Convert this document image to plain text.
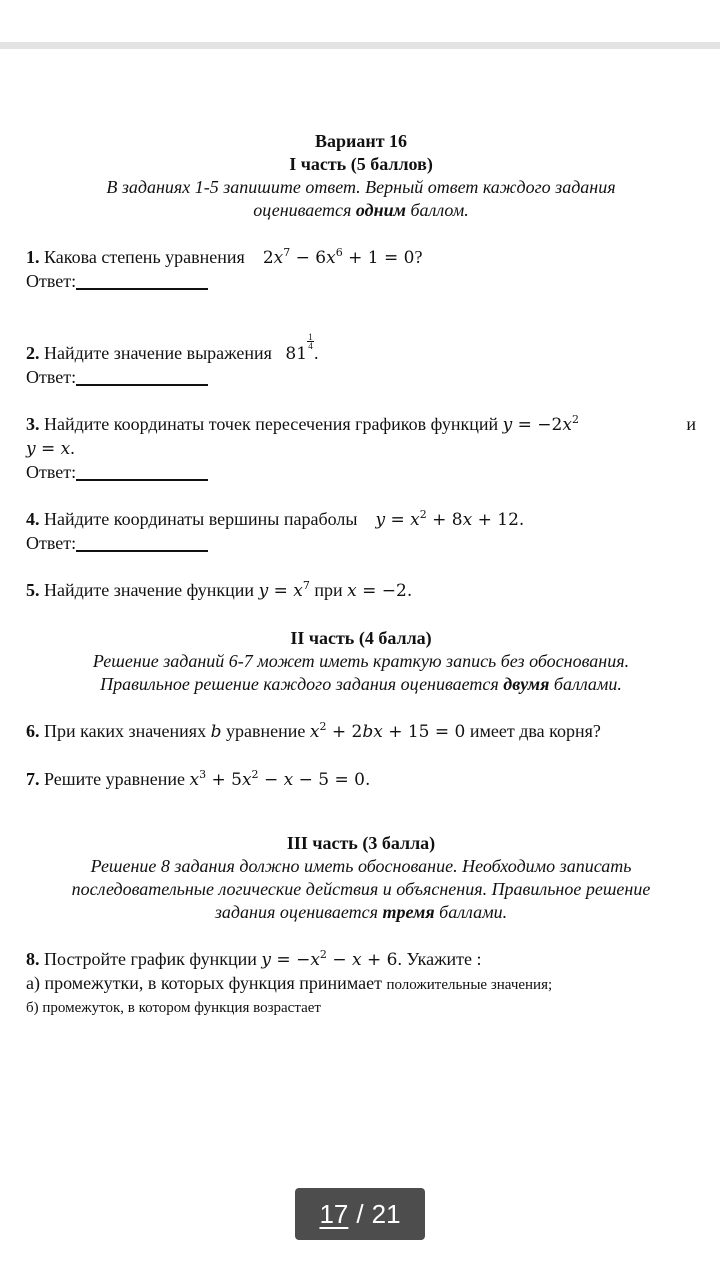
Вариант 16
I часть (5 баллов)
В заданиях 1-5 запишите ответ. Верный ответ каждого задания
оценивается одним баллом.
1. Какова степень уравнения $2x^7 - 6x^6 + 1 = 0$?
Ответ:
2. Найдите значение выражения 81
$\frac{1}{4}$
.
Ответ:
3. Найдите координаты точек пересечения графиков функций $y = -2x^2$	и
y = x.
Ответ:
4. Найдите координаты вершины параболы $y = x^2 + 8x + 12$.
Ответ:
5. Найдите значение функции $y = x^7$ при x = −2.
II часть (4 балла)
Решение заданий 6-7 может иметь краткую запись без обоснования.
Правильное решение каждого задания оценивается двумя баллами.
6. При каких значениях b уравнение $x^2 + 2bx + 15 = 0$ имеет два корня?
7. Решите уравнение $x^3 + 5x^2 - x - 5 = 0$.
III часть (3 балла)
Решение 8 задания должно иметь обоснование. Необходимо записать
последовательные логические действия и объяснения. Правильное решение
задания оценивается тремя баллами.
8. Постройте график функции $y = -x^2 - x + 6$. Укажите :
а) промежутки, в которых функция принимает положительные значения;
б) промежуток, в котором функция возрастает
17 / 21
